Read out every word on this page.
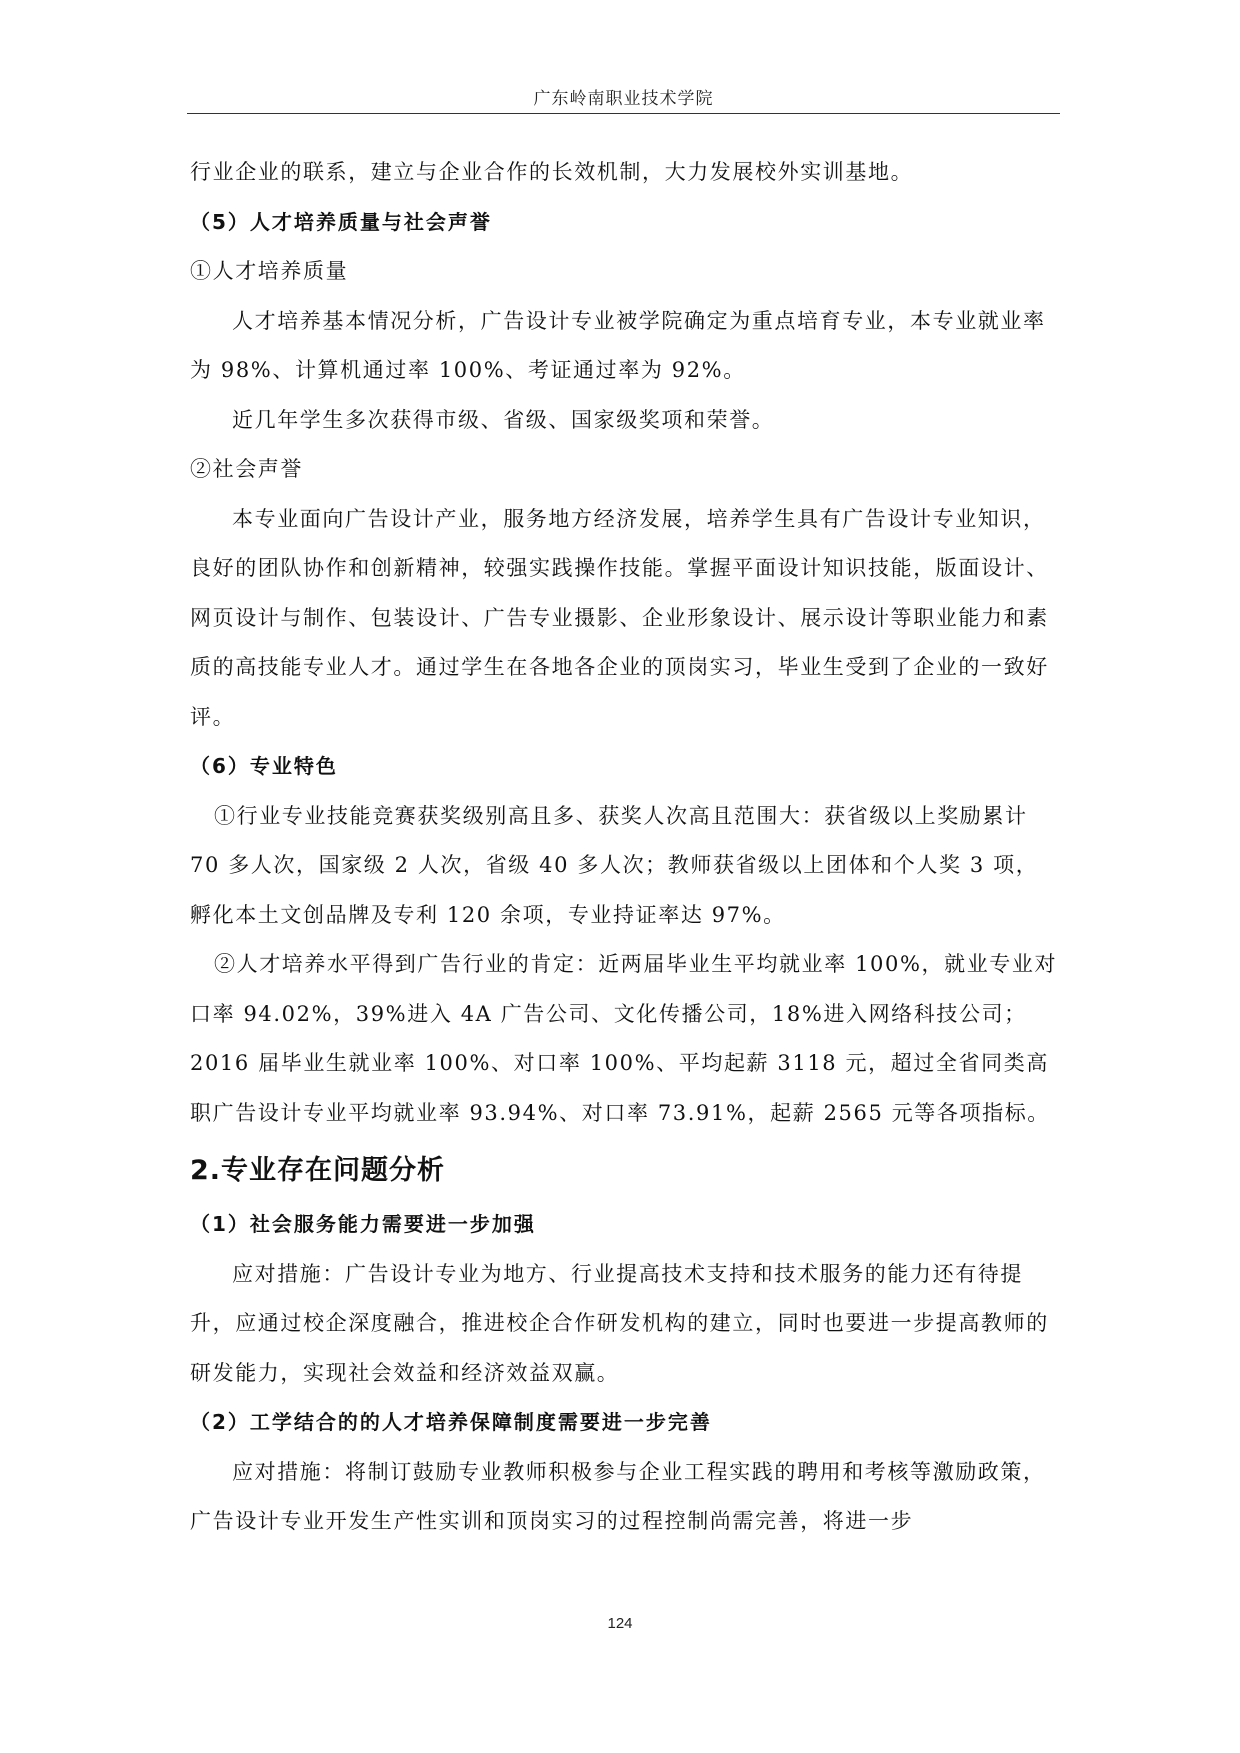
广东岭南职业技术学院

行业企业的联系，建立与企业合作的长效机制，大力发展校外实训基地。

（5）人才培养质量与社会声誉

①人才培养质量

人才培养基本情况分析，广告设计专业被学院确定为重点培育专业，本专业就业率为 98%、计算机通过率 100%、考证通过率为 92%。

近几年学生多次获得市级、省级、国家级奖项和荣誉。

②社会声誉

本专业面向广告设计产业，服务地方经济发展，培养学生具有广告设计专业知识，良好的团队协作和创新精神，较强实践操作技能。掌握平面设计知识技能，版面设计、网页设计与制作、包装设计、广告专业摄影、企业形象设计、展示设计等职业能力和素质的高技能专业人才。通过学生在各地各企业的顶岗实习，毕业生受到了企业的一致好评。

（6）专业特色

①行业专业技能竞赛获奖级别高且多、获奖人次高且范围大：获省级以上奖励累计 70 多人次，国家级 2 人次，省级 40 多人次；教师获省级以上团体和个人奖 3 项，孵化本土文创品牌及专利 120 余项，专业持证率达 97%。

②人才培养水平得到广告行业的肯定：近两届毕业生平均就业率 100%，就业专业对口率 94.02%，39%进入 4A 广告公司、文化传播公司，18%进入网络科技公司；2016 届毕业生就业率 100%、对口率 100%、平均起薪 3118 元，超过全省同类高职广告设计专业平均就业率 93.94%、对口率 73.91%，起薪 2565 元等各项指标。

2.专业存在问题分析

（1）社会服务能力需要进一步加强

应对措施：广告设计专业为地方、行业提高技术支持和技术服务的能力还有待提升，应通过校企深度融合，推进校企合作研发机构的建立，同时也要进一步提高教师的研发能力，实现社会效益和经济效益双赢。

（2）工学结合的的人才培养保障制度需要进一步完善

应对措施：将制订鼓励专业教师积极参与企业工程实践的聘用和考核等激励政策，广告设计专业开发生产性实训和顶岗实习的过程控制尚需完善，将进一步

124
